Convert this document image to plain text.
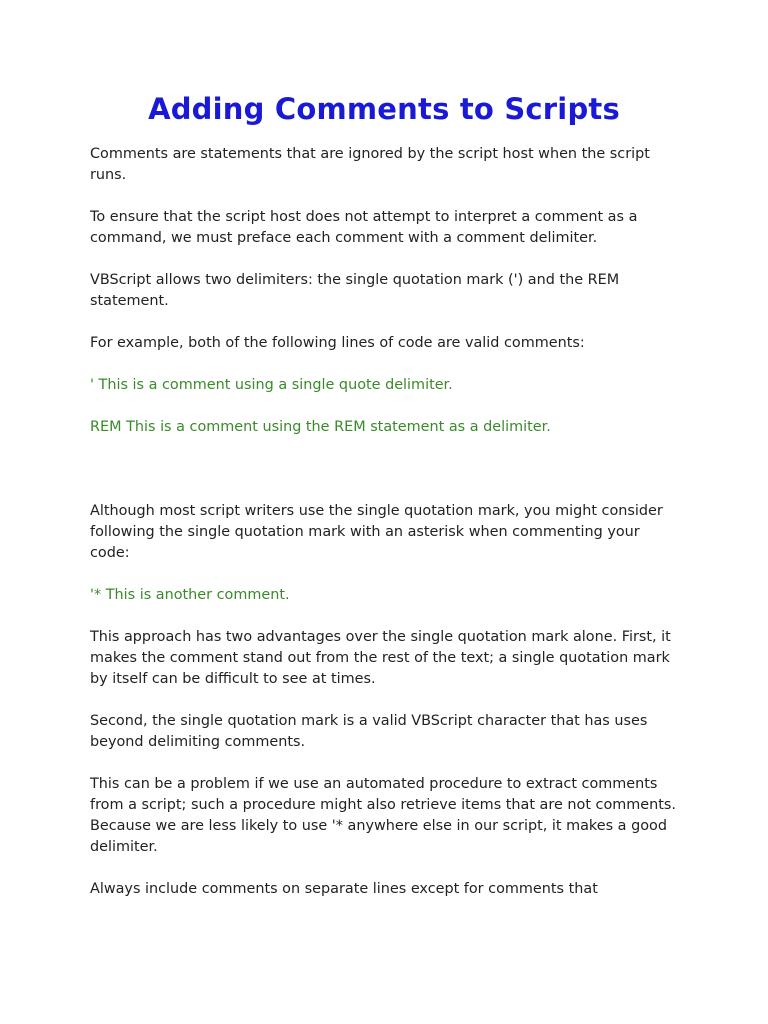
Adding Comments to Scripts

Comments are statements that are ignored by the script host when the script runs.

To ensure that the script host does not attempt to interpret a comment as a command, we must preface each comment with a comment delimiter.

VBScript allows two delimiters: the single quotation mark (') and the REM statement.

For example, both of the following lines of code are valid comments:

' This is a comment using a single quote delimiter.

REM This is a comment using the REM statement as a delimiter.

Although most script writers use the single quotation mark, you might consider following the single quotation mark with an asterisk when commenting your code:

'* This is another comment.

This approach has two advantages over the single quotation mark alone. First, it makes the comment stand out from the rest of the text; a single quotation mark by itself can be difficult to see at times.

Second, the single quotation mark is a valid VBScript character that has uses beyond delimiting comments.

This can be a problem if we use an automated procedure to extract comments from a script; such a procedure might also retrieve items that are not comments. Because we are less likely to use '* anywhere else in our script, it makes a good delimiter.

Always include comments on separate lines except for comments that
